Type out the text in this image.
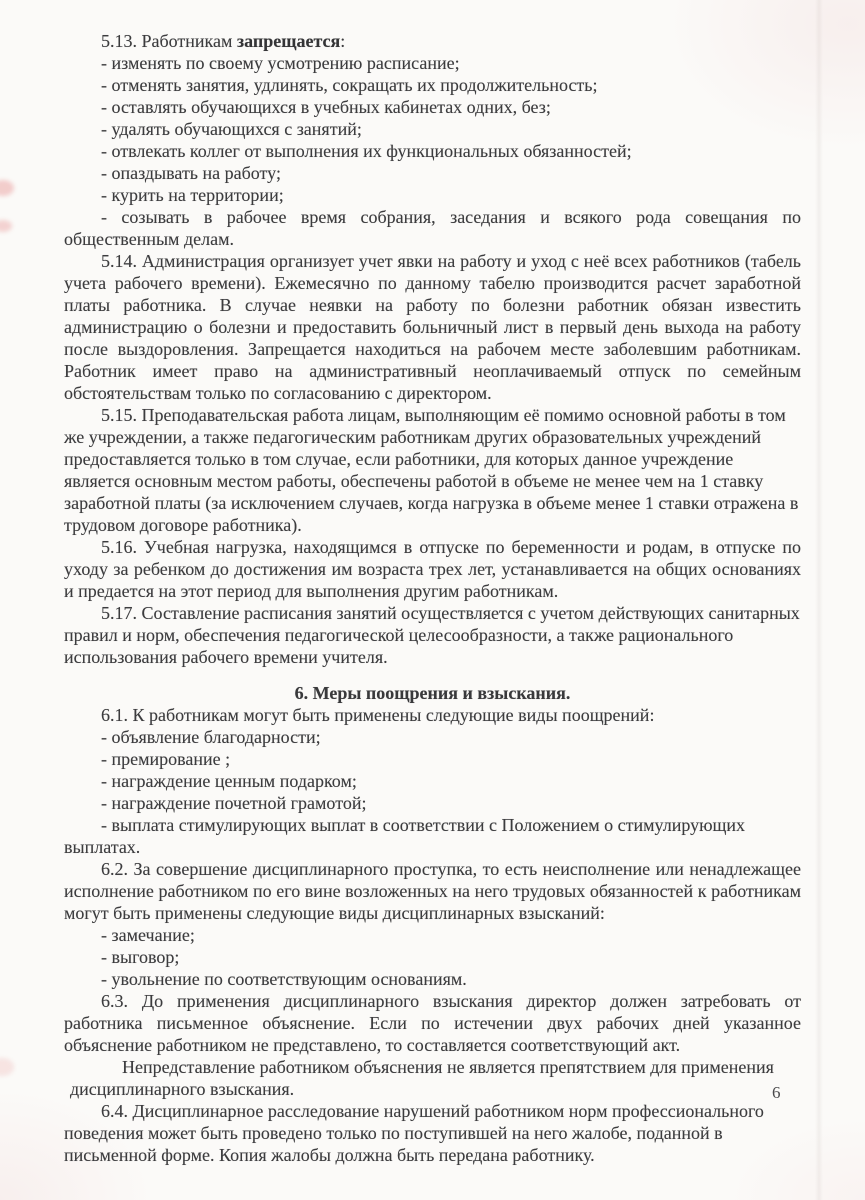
5.13. Работникам запрещается:

- изменять по своему усмотрению расписание;

- отменять занятия, удлинять, сокращать их продолжительность;

- оставлять обучающихся в учебных кабинетах одних, без;

- удалять обучающихся с занятий;

- отвлекать коллег от выполнения их функциональных обязанностей;

- опаздывать на работу;

- курить на территории;

- созывать в рабочее время собрания, заседания и всякого рода совещания по общественным делам.

5.14. Администрация организует учет явки на работу и уход с неё всех работников (табель учета рабочего времени). Ежемесячно по данному табелю производится расчет заработной платы работника. В случае неявки на работу по болезни работник обязан известить администрацию о болезни и предоставить больничный лист в первый день выхода на работу после выздоровления. Запрещается находиться на рабочем месте заболевшим работникам. Работник имеет право на административный неоплачиваемый отпуск по семейным обстоятельствам только по согласованию с директором.

5.15. Преподавательская работа лицам, выполняющим её помимо основной работы в том же учреждении, а также педагогическим работникам других образовательных учреждений предоставляется только в том случае, если работники, для которых данное учреждение является основным местом работы, обеспечены работой в объеме не менее чем на 1 ставку заработной платы (за исключением случаев, когда нагрузка в объеме менее 1 ставки отражена в трудовом договоре работника).

5.16. Учебная нагрузка, находящимся в отпуске по беременности и родам, в отпуске по уходу за ребенком до достижения им возраста трех лет, устанавливается на общих основаниях и предается на этот период для выполнения другим работникам.

5.17. Составление расписания занятий осуществляется с учетом действующих санитарных правил и норм, обеспечения педагогической целесообразности, а также рационального использования рабочего времени учителя.

6. Меры поощрения и взыскания.

6.1. К работникам могут быть применены следующие виды поощрений:

- объявление благодарности;

- премирование ;

- награждение ценным подарком;

- награждение почетной грамотой;

- выплата стимулирующих выплат в соответствии с Положением о стимулирующих выплатах.

6.2. За совершение дисциплинарного проступка, то есть неисполнение или ненадлежащее исполнение работником по его вине возложенных на него трудовых обязанностей к работникам могут быть применены следующие виды дисциплинарных взысканий:

- замечание;

- выговор;

- увольнение по соответствующим основаниям.

6.3. До применения дисциплинарного взыскания директор должен затребовать от работника письменное объяснение. Если по истечении двух рабочих дней указанное объяснение работником не представлено, то составляется соответствующий акт.

Непредставление работником объяснения не является препятствием для применения дисциплинарного взыскания.

6.4. Дисциплинарное расследование нарушений работником норм профессионального поведения может быть проведено только по поступившей на него жалобе, поданной в письменной форме. Копия жалобы должна быть передана работнику.

6
